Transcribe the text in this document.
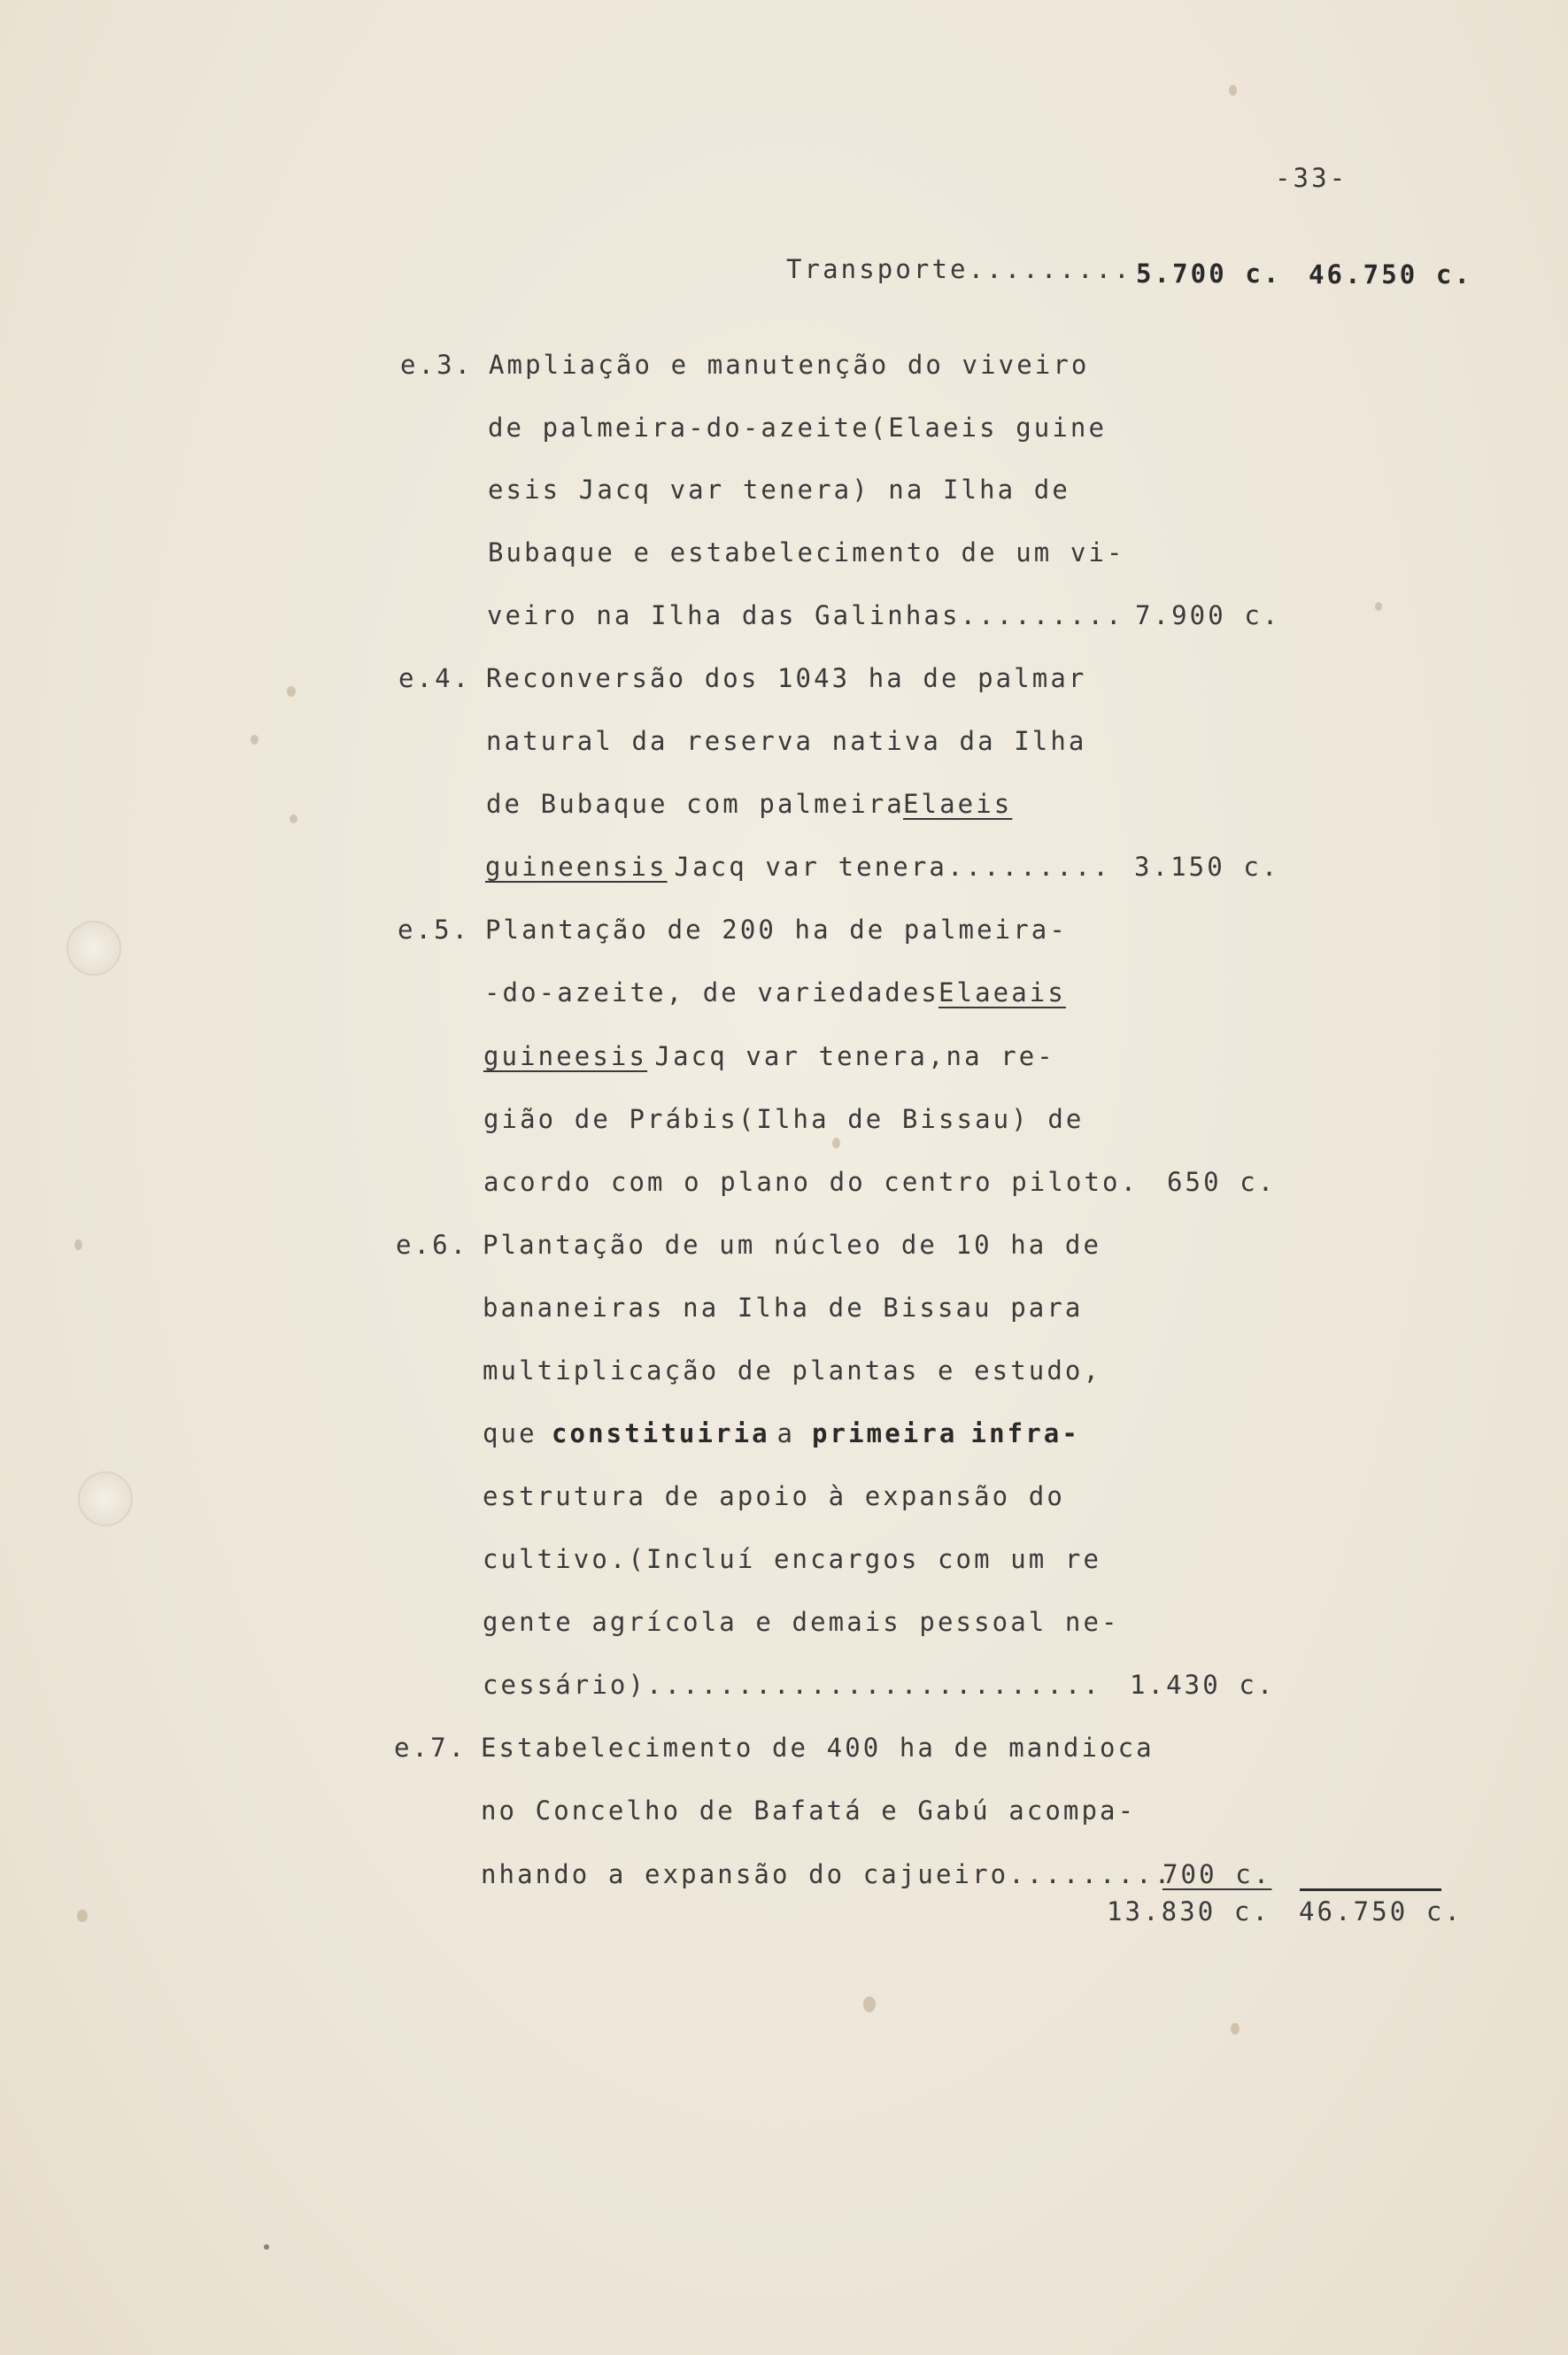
-33-
Transporte......... 5.700 c. 46.750 c.
e.3. Ampliação e manutenção do viveiro
de palmeira-do-azeite(Elaeis guine
esis Jacq var tenera) na Ilha de
Bubaque e estabelecimento de um vi-
veiro na Ilha das Galinhas......... 7.900 c.
e.4. Reconversão dos 1043 ha de palmar
natural da reserva nativa da Ilha
de Bubaque com palmeira
Elaeis
guineensis
Jacq var tenera......... 3.150 c.
e.5. Plantação de 200 ha de palmeira-
-do-azeite, de variedades
Elaeais
guineesis
Jacq var tenera,na re-
gião de Prábis(Ilha de Bissau) de
acordo com o plano do centro piloto. 650 c.
e.6. Plantação de um núcleo de 10 ha de
bananeiras na Ilha de Bissau para
multiplicação de plantas e estudo,
que
constituiria
a
primeira
infra-
estrutura de apoio à expansão do
cultivo.(Incluí encargos com um re
gente agrícola e demais pessoal ne-
cessário)......................... 1.430 c.
e.7. Estabelecimento de 400 ha de mandioca
no Concelho de Bafatá e Gabú acompa-
nhando a expansão do cajueiro.........
700 c.
13.830 c. 46.750 c.
